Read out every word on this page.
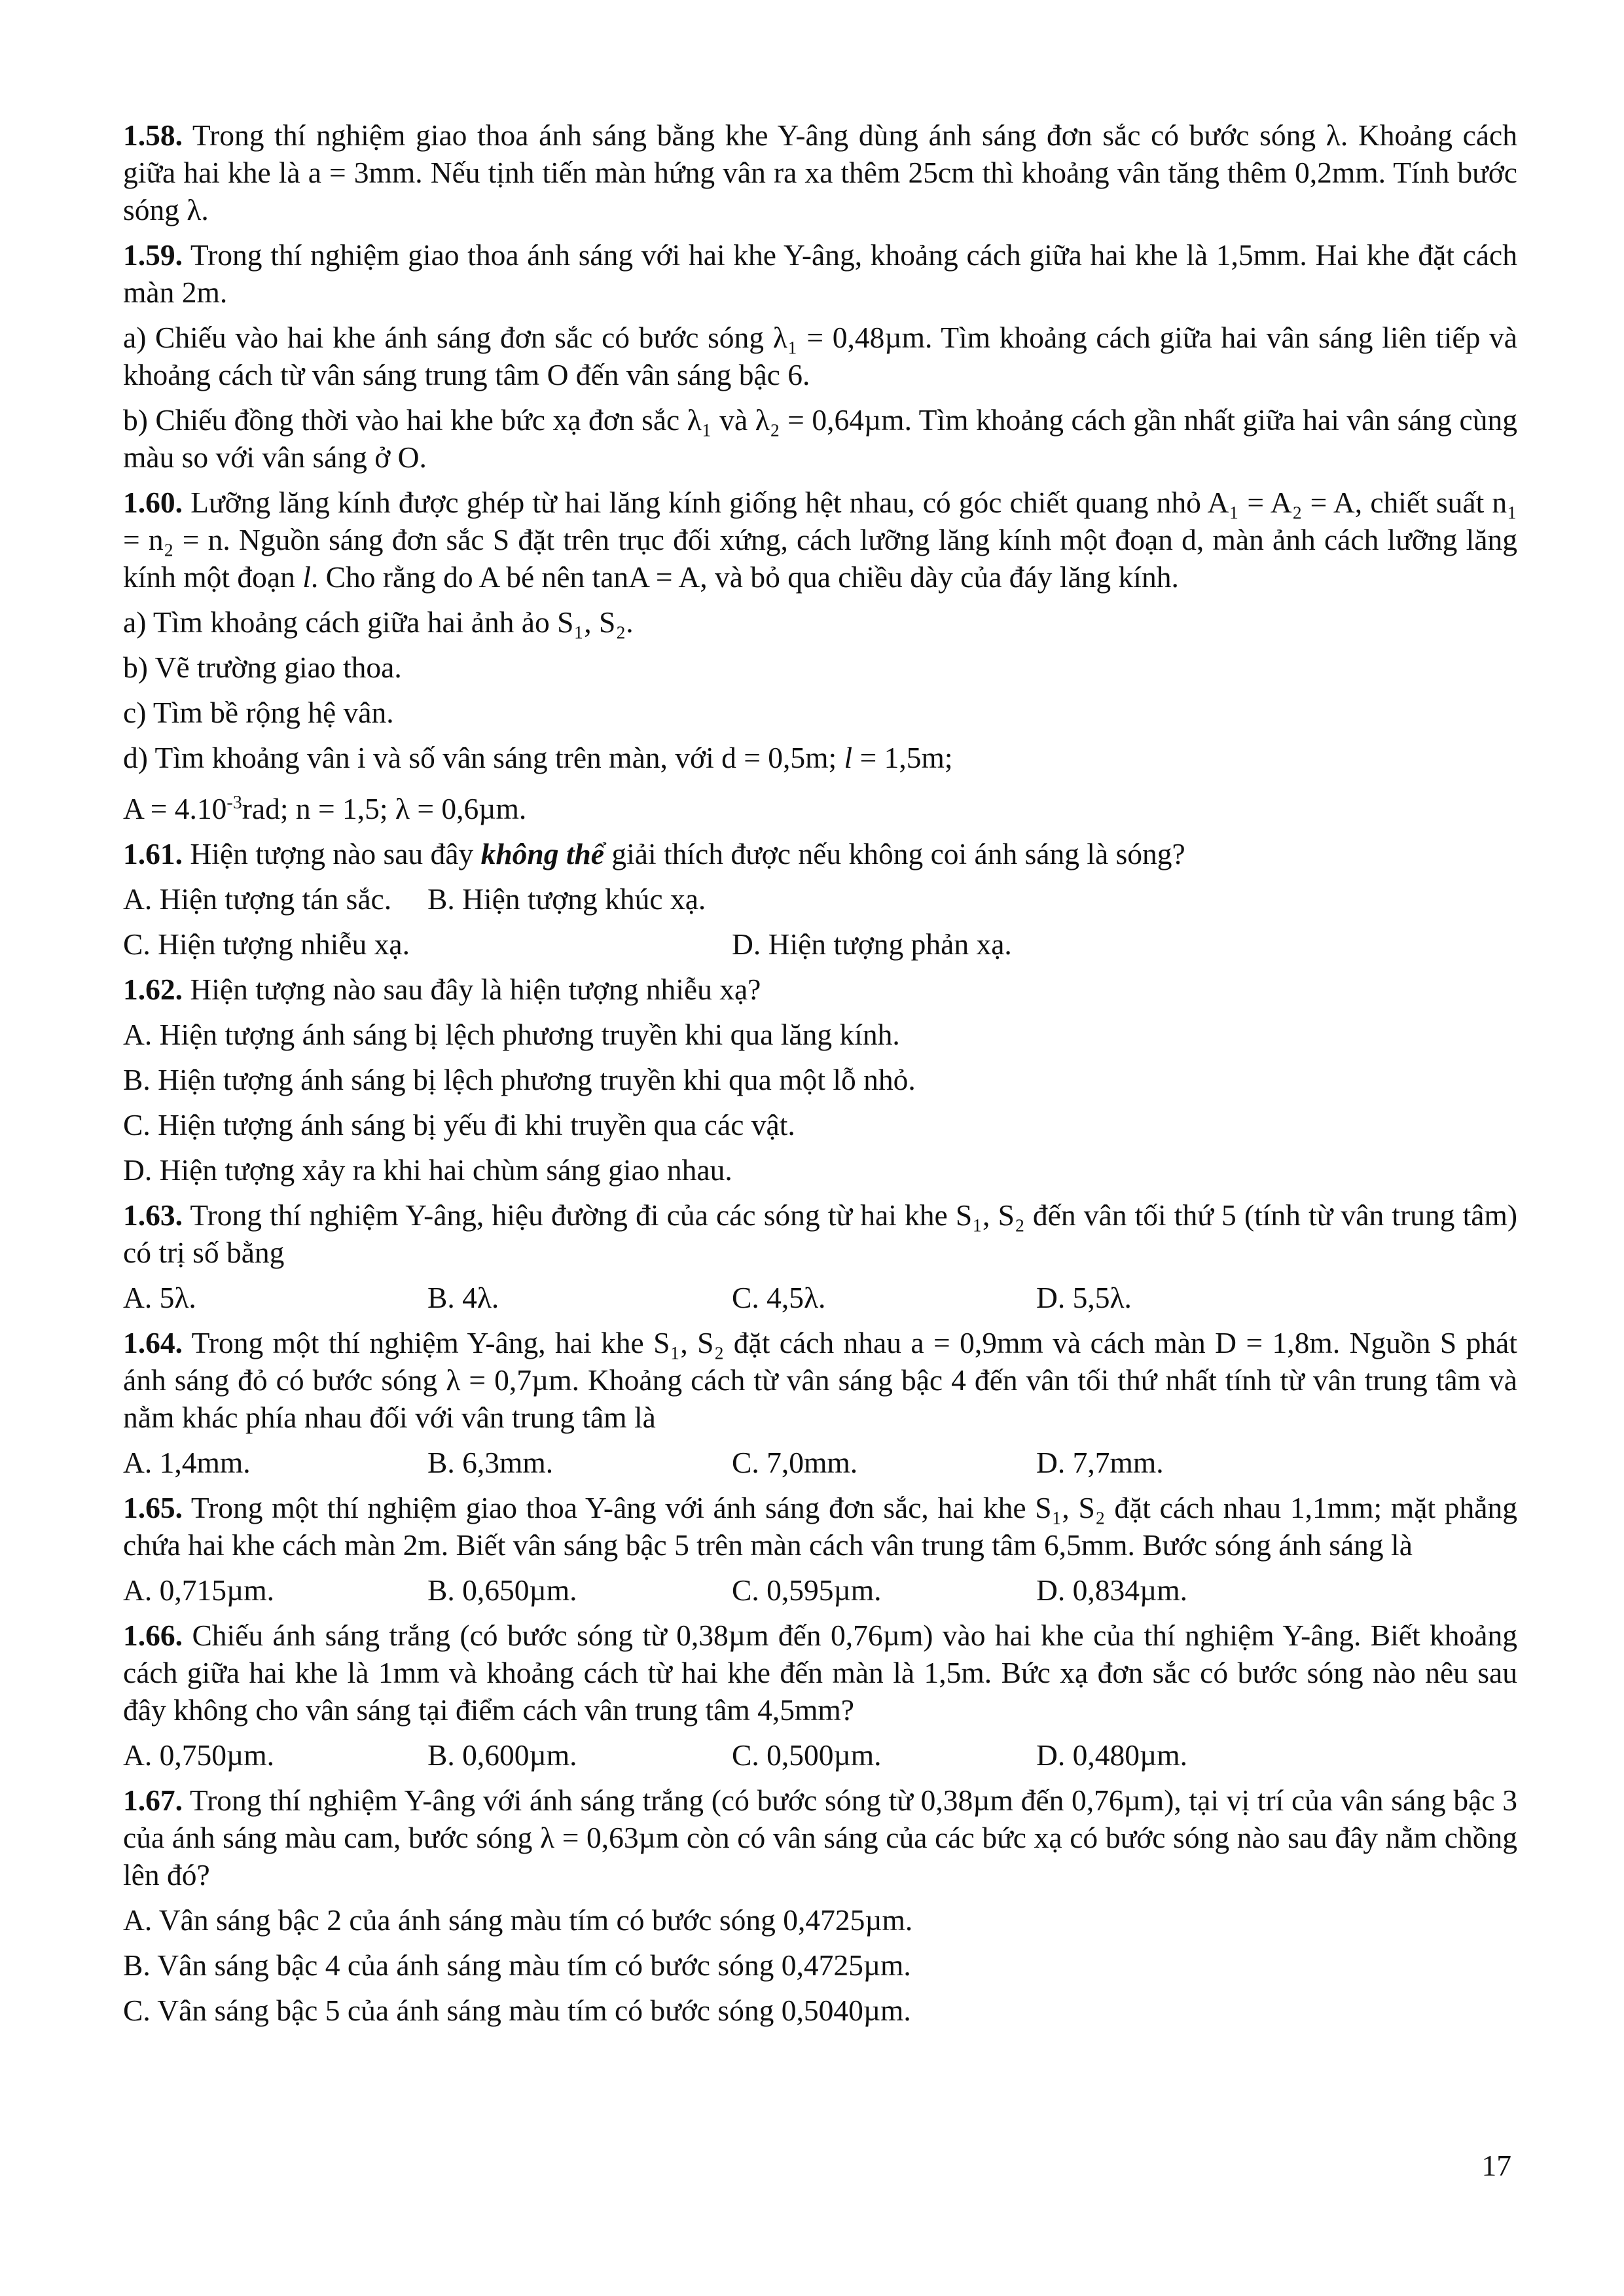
1.58. Trong thí nghiệm giao thoa ánh sáng bằng khe Y-âng dùng ánh sáng đơn sắc có bước sóng λ. Khoảng cách giữa hai khe là a = 3mm. Nếu tịnh tiến màn hứng vân ra xa thêm 25cm thì khoảng vân tăng thêm 0,2mm. Tính bước sóng λ.
1.59. Trong thí nghiệm giao thoa ánh sáng với hai khe Y-âng, khoảng cách giữa hai khe là 1,5mm. Hai khe đặt cách màn 2m.
a) Chiếu vào hai khe ánh sáng đơn sắc có bước sóng λ₁ = 0,48µm. Tìm khoảng cách giữa hai vân sáng liên tiếp và khoảng cách từ vân sáng trung tâm O đến vân sáng bậc 6.
b) Chiếu đồng thời vào hai khe bức xạ đơn sắc λ₁ và λ₂ = 0,64µm. Tìm khoảng cách gần nhất giữa hai vân sáng cùng màu so với vân sáng ở O.
1.60. Lưỡng lăng kính được ghép từ hai lăng kính giống hệt nhau, có góc chiết quang nhỏ A₁ = A₂ = A, chiết suất n₁ = n₂ = n. Nguồn sáng đơn sắc S đặt trên trục đối xứng, cách lưỡng lăng kính một đoạn d, màn ảnh cách lưỡng lăng kính một đoạn l. Cho rằng do A bé nên tanA = A, và bỏ qua chiều dày của đáy lăng kính.
a) Tìm khoảng cách giữa hai ảnh ảo S₁, S₂.
b) Vẽ trường giao thoa.
c) Tìm bề rộng hệ vân.
d) Tìm khoảng vân i và số vân sáng trên màn, với d = 0,5m; l = 1,5m;
$A = 4.10^{-3}rad$; n = 1,5; λ = 0,6µm.
1.61. Hiện tượng nào sau đây không thể giải thích được nếu không coi ánh sáng là sóng?
A. Hiện tượng tán sắc.	B. Hiện tượng khúc xạ.
C. Hiện tượng nhiễu xạ.	D. Hiện tượng phản xạ.
1.62. Hiện tượng nào sau đây là hiện tượng nhiễu xạ?
A. Hiện tượng ánh sáng bị lệch phương truyền khi qua lăng kính.
B. Hiện tượng ánh sáng bị lệch phương truyền khi qua một lỗ nhỏ.
C. Hiện tượng ánh sáng bị yếu đi khi truyền qua các vật.
D. Hiện tượng xảy ra khi hai chùm sáng giao nhau.
1.63. Trong thí nghiệm Y-âng, hiệu đường đi của các sóng từ hai khe S₁, S₂ đến vân tối thứ 5 (tính từ vân trung tâm) có trị số bằng
A. 5λ.	B. 4λ.	C. 4,5λ.	D. 5,5λ.
1.64. Trong một thí nghiệm Y-âng, hai khe S₁, S₂ đặt cách nhau a = 0,9mm và cách màn D = 1,8m. Nguồn S phát ánh sáng đỏ có bước sóng λ = 0,7µm. Khoảng cách từ vân sáng bậc 4 đến vân tối thứ nhất tính từ vân trung tâm và nằm khác phía nhau đối với vân trung tâm là
A. 1,4mm.	B. 6,3mm.	C. 7,0mm.	D. 7,7mm.
1.65. Trong một thí nghiệm giao thoa Y-âng với ánh sáng đơn sắc, hai khe S₁, S₂ đặt cách nhau 1,1mm; mặt phẳng chứa hai khe cách màn 2m. Biết vân sáng bậc 5 trên màn cách vân trung tâm 6,5mm. Bước sóng ánh sáng là
A. 0,715µm.	B. 0,650µm.	C. 0,595µm.	D. 0,834µm.
1.66. Chiếu ánh sáng trắng (có bước sóng từ 0,38µm đến 0,76µm) vào hai khe của thí nghiệm Y-âng. Biết khoảng cách giữa hai khe là 1mm và khoảng cách từ hai khe đến màn là 1,5m. Bức xạ đơn sắc có bước sóng nào nêu sau đây không cho vân sáng tại điểm cách vân trung tâm 4,5mm?
A. 0,750µm.	B. 0,600µm.	C. 0,500µm.	D. 0,480µm.
1.67. Trong thí nghiệm Y-âng với ánh sáng trắng (có bước sóng từ 0,38µm đến 0,76µm), tại vị trí của vân sáng bậc 3 của ánh sáng màu cam, bước sóng λ = 0,63µm còn có vân sáng của các bức xạ có bước sóng nào sau đây nằm chồng lên đó?
A. Vân sáng bậc 2 của ánh sáng màu tím có bước sóng 0,4725µm.
B. Vân sáng bậc 4 của ánh sáng màu tím có bước sóng 0,4725µm.
C. Vân sáng bậc 5 của ánh sáng màu tím có bước sóng 0,5040µm.
17
